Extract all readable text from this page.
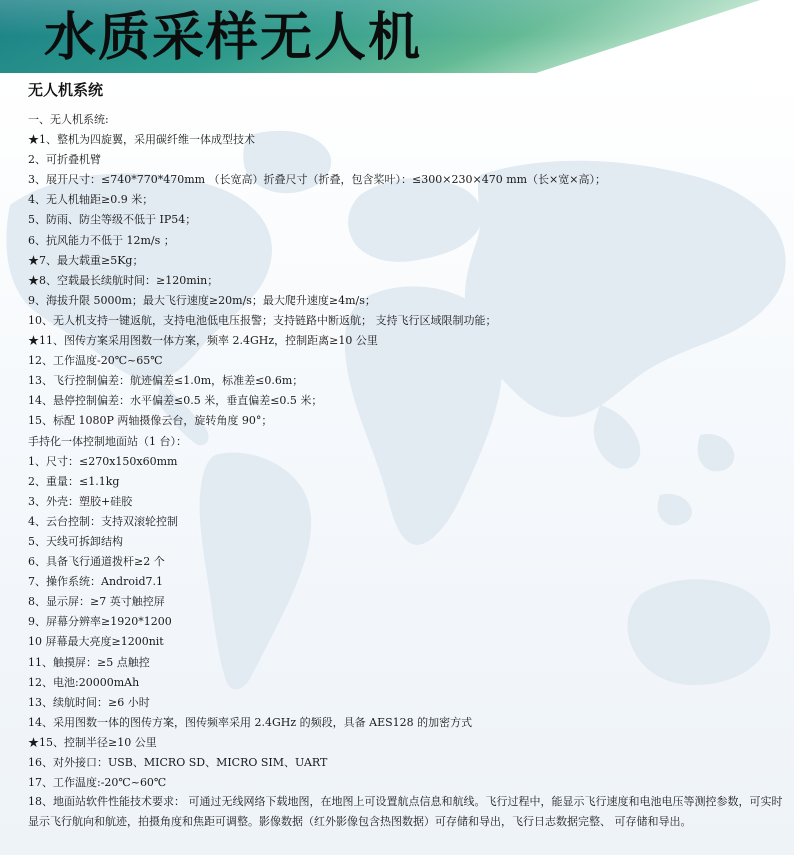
水质采样无人机
无人机系统
一、无人机系统:
★1、整机为四旋翼，采用碳纤维一体成型技术
2、可折叠机臂
3、展开尺寸：≤740*770*470mm （长宽高）折叠尺寸（折叠，包含桨叶）：≤300×230×470 mm（长×宽×高）；
4、无人机轴距≥0.9 米；
5、防雨、防尘等级不低于 IP54；
6、抗风能力不低于 12m/s ；
★7、最大载重≥5Kg；
★8、空载最长续航时间：≥120min；
9、海拔升限 5000m；最大飞行速度≥20m/s；最大爬升速度≥4m/s；
10、无人机支持一键返航，支持电池低电压报警；支持链路中断返航； 支持飞行区域限制功能；
★11、图传方案采用图数一体方案，频率 2.4GHz，控制距离≥10 公里
12、工作温度-20℃~65℃
13、飞行控制偏差：航迹偏差≤1.0m，标准差≤0.6m；
14、悬停控制偏差：水平偏差≤0.5 米，垂直偏差≤0.5 米；
15、标配 1080P 两轴摄像云台，旋转角度 90°；
手持化一体控制地面站（1 台）：
1、尺寸：≤270x150x60mm
2、重量：≤1.1kg
3、外壳：塑胶+硅胶
4、云台控制：支持双滚轮控制
5、天线可拆卸结构
6、具备飞行通道拨杆≥2 个
7、操作系统：Android7.1
8、显示屏：≥7 英寸触控屏
9、屏幕分辨率≥1920*1200
10 屏幕最大亮度≥1200nit
11、触摸屏：≥5 点触控
12、电池:20000mAh
13、续航时间：≥6 小时
14、采用图数一体的图传方案，图传频率采用 2.4GHz 的频段，具备 AES128 的加密方式
★15、控制半径≥10 公里
16、对外接口：USB、MICRO SD、MICRO SIM、UART
17、工作温度:-20℃~60℃

18、地面站软件性能技术要求： 可通过无线网络下载地图，在地图上可设置航点信息和航线。飞行过程中，能显示飞行速度和电池电压等测控参数，可实时显示飞行航向和航迹，拍摄角度和焦距可调整。影像数据（红外影像包含热图数据）可存储和导出，飞行日志数据完整、 可存储和导出。
